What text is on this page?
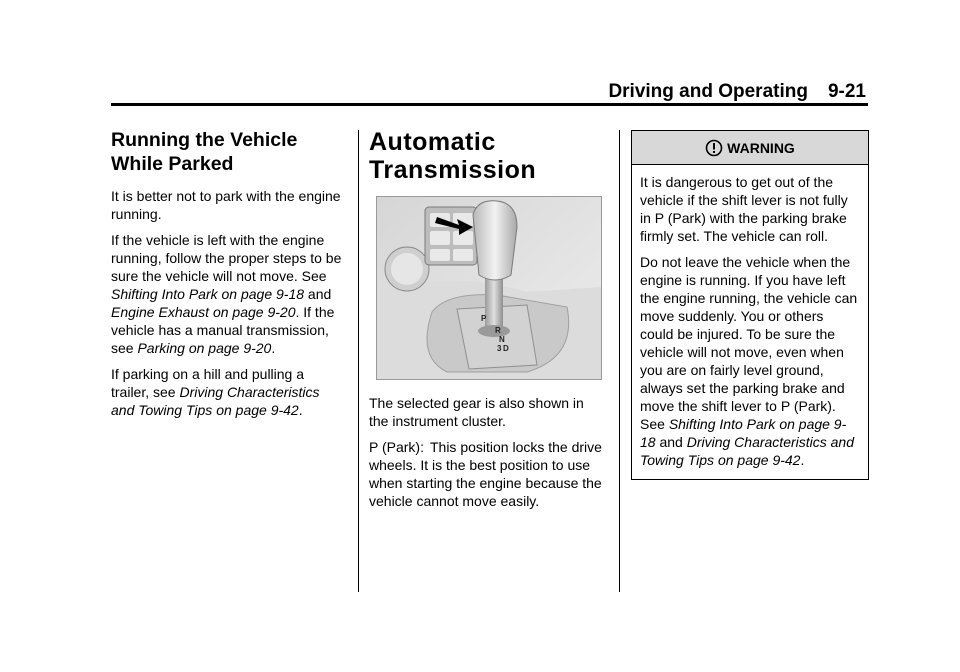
Driving and Operating 9-21
Running the Vehicle While Parked

It is better not to park with the engine running.

If the vehicle is left with the engine running, follow the proper steps to be sure the vehicle will not move. See Shifting Into Park on page 9-18 and Engine Exhaust on page 9-20. If the vehicle has a manual transmission, see Parking on page 9-20.

If parking on a hill and pulling a trailer, see Driving Characteristics and Towing Tips on page 9-42.

Automatic Transmission
P
R
N
D
3

The selected gear is also shown in the instrument cluster.

P (Park): This position locks the drive wheels. It is the best position to use when starting the engine because the vehicle cannot move easily.

WARNING

It is dangerous to get out of the vehicle if the shift lever is not fully in P (Park) with the parking brake firmly set. The vehicle can roll.

Do not leave the vehicle when the engine is running. If you have left the engine running, the vehicle can move suddenly. You or others could be injured. To be sure the vehicle will not move, even when you are on fairly level ground, always set the parking brake and move the shift lever to P (Park). See Shifting Into Park on page 9-18 and Driving Characteristics and Towing Tips on page 9-42.
